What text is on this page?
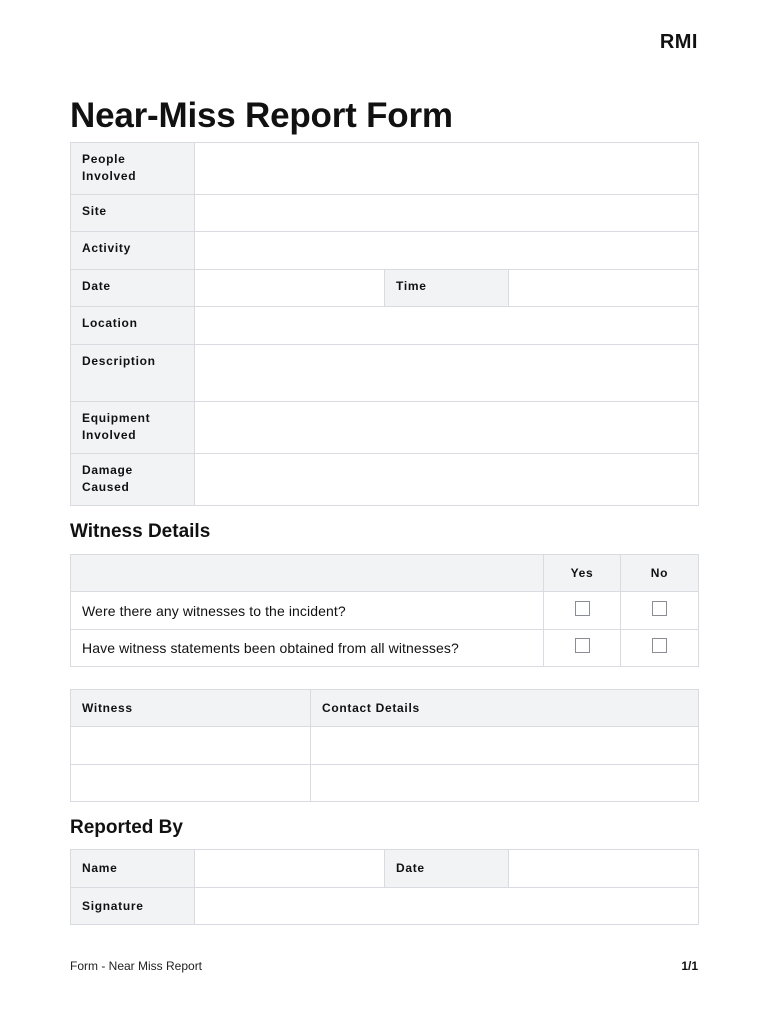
RMI
Near-Miss Report Form
People Involved			
Site			
Activity			
Date		Time	
Location			
Description			
Equipment Involved			
Damage Caused			
Witness Details
	Yes	No
Were there any witnesses to the incident?		
Have witness statements been obtained from all witnesses?		
Witness	Contact Details

Reported By
Name		Date	
Signature			
Form - Near Miss Report	1/1
